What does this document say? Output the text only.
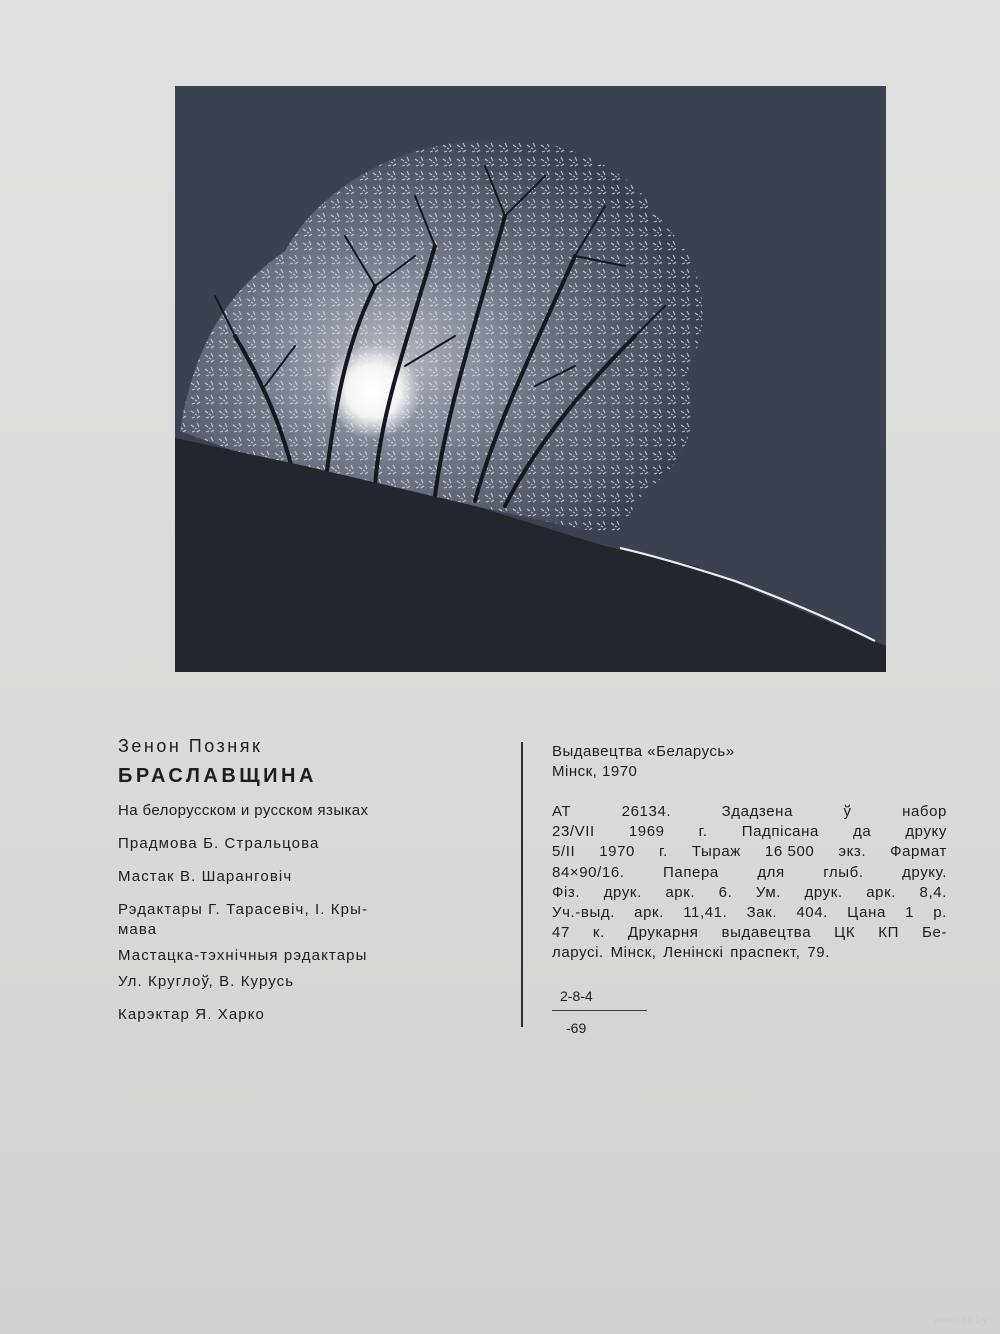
Зенон Позняк
БРАСЛАВЩИНА
На белорусском и русском языках
Прадмова Б. Стральцова
Мастак В. Шаранговіч
Рэдактары Г. Тарасевіч, І. Кры-
мава
Мастацка-тэхнічныя рэдактары
Ул. Круглоў, В. Курусь
Карэктар Я. Харко
Выдавецтва «Беларусь»
Мінск, 1970
АТ	26134.	Здадзена	ў	набор
23/VII 1969 г. Падпісана да друку
5/II 1970 г. Тыраж 16 500 экз. Фармат
84×90/16.	Папера	для	глыб.	друку.
Фіз. друк. арк. 6. Ум. друк. арк. 8,4.
Уч.-выд. арк. 11,41. Зак. 404. Цана 1 р.
47 к. Друкарня выдавецтва ЦК КП Бе-
ларусі. Мінск, Ленінскі праспект, 79.
2-8-4
-69
www.ay.by
